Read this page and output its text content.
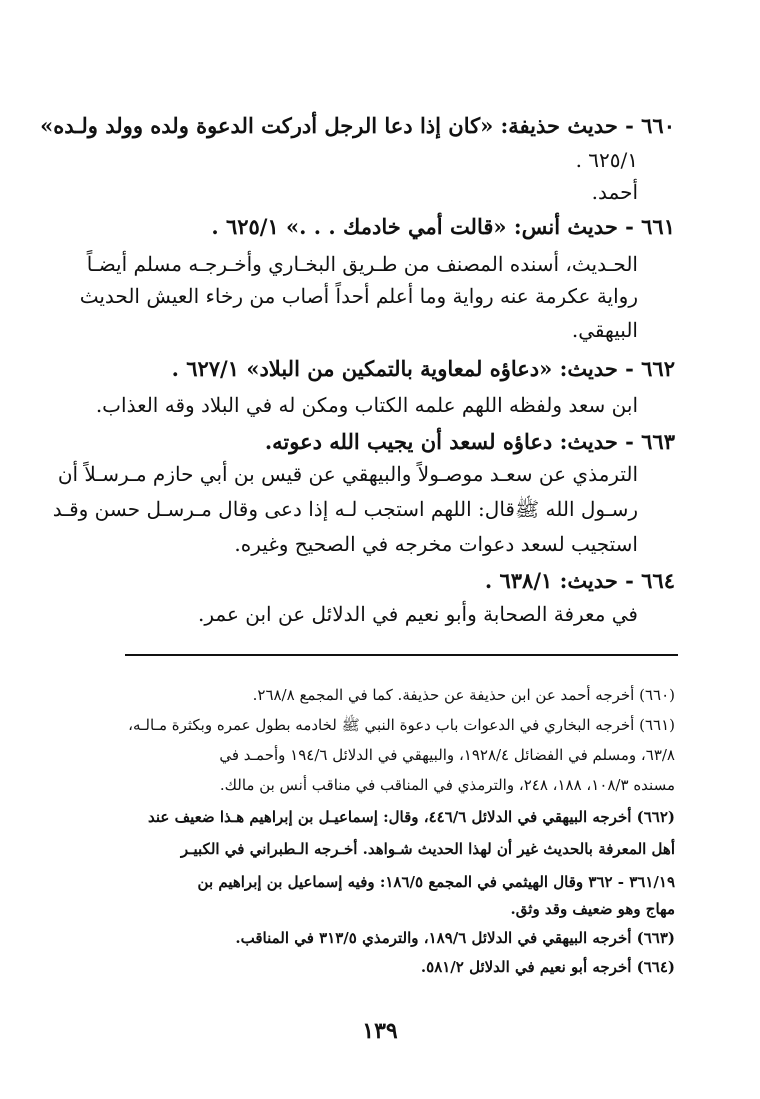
٦٦٠ - حديث حذيفة: «كان إذا دعا الرجل أدركت الدعوة ولده وولد ولـده»
٦٢٥/١ .
أحمد.
٦٦١ - حديث أنس: «قالت أمي خادمك . . .» ٦٢٥/١ .
الحـديث، أسنده المصنف من طـريق البخـاري وأخـرجـه مسلم أيضـاً
رواية عكرمة عنه رواية وما أعلم أحداً أصاب من رخاء العيش الحديث
البيهقي.
٦٦٢ - حديث: «دعاؤه لمعاوية بالتمكين من البلاد» ٦٢٧/١ .
ابن سعد ولفظه اللهم علمه الكتاب ومكن له في البلاد وقه العذاب.
٦٦٣ - حديث: دعاؤه لسعد أن يجيب الله دعوته.
الترمذي عن سعـد موصـولاً والبيهقي عن قيس بن أبي حازم مـرسـلاً أن
رسـول الله ﷺقال: اللهم استجب لـه إذا دعى وقال مـرسـل حسن وقـد
استجيب لسعد دعوات مخرجه في الصحيح وغيره.
٦٦٤ - حديث: ٦٣٨/١ .
في معرفة الصحابة وأبو نعيم في الدلائل عن ابن عمر.
(٦٦٠) أخرجه أحمد عن ابن حذيفة عن حذيفة. كما في المجمع ٢٦٨/٨.
(٦٦١) أخرجه البخاري في الدعوات باب دعوة النبي ﷺ لخادمه بطول عمره وبكثرة مـالـه،
٦٣/٨، ومسلم في الفضائل ١٩٢٨/٤، والبيهقي في الدلائل ١٩٤/٦ وأحمـد في
مسنده ١٠٨/٣، ١٨٨، ٢٤٨، والترمذي في المناقب في مناقب أنس بن مالك.
(٦٦٢) أخرجه البيهقي في الدلائل ٤٤٦/٦، وقال: إسماعيـل بن إبراهيم هـذا ضعيف عند
أهل المعرفة بالحديث غير أن لهذا الحديث شـواهد. أخـرجه الـطبراني في الكبيـر
٣٦١/١٩ - ٣٦٢ وقال الهيثمي في المجمع ١٨٦/٥: وفيه إسماعيل بن إبراهيم بن
مهاج وهو ضعيف وقد وثق.
(٦٦٣) أخرجه البيهقي في الدلائل ١٨٩/٦، والترمذي ٣١٣/٥ في المناقب.
(٦٦٤) أخرجه أبو نعيم في الدلائل ٥٨١/٢.
١٣٩
